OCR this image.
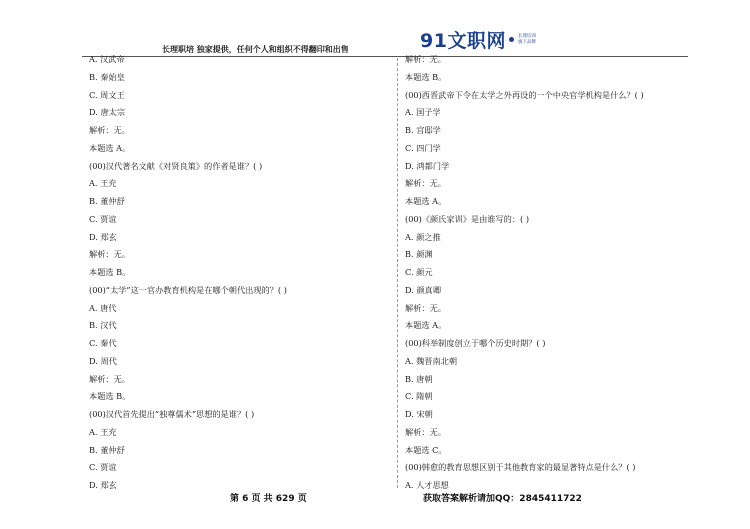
长理职培 独家提供，任何个人和组织不得翻印和出售	91文职网	长理培训
旗下品牌
A. 汉武帝
B. 秦始皇
C. 周文王
D. 唐太宗
解析：无。
本题选 A。
(00)汉代著名文献《对贤良策》的作者是谁？( )
A. 王充
B. 董仲舒
C. 贾谊
D. 郑玄
解析：无。
本题选 B。
(00)“太学”这一官办教育机构是在哪个朝代出现的？( )
A. 唐代
B. 汉代
C. 秦代
D. 周代
解析：无。
本题选 B。
(00)汉代首先提出“独尊儒术”思想的是谁？( )
A. 王充
B. 董仲舒
C. 贾谊
D. 郑玄
解析：无。
本题选 B。
(00)西晋武帝下令在太学之外再设的一个中央官学机构是什么？( )
A. 国子学
B. 宫邸学
C. 四门学
D. 鸿都门学
解析：无。
本题选 A。
(00)《颜氏家训》是由谁写的：( )
A. 颜之推
B. 颜渊
C. 颜元
D. 颜真卿
解析：无。
本题选 A。
(00)科举制度创立于哪个历史时期？( )
A. 魏晋南北朝
B. 唐朝
C. 隋朝
D. 宋朝
解析：无。
本题选 C。
(00)韩愈的教育思想区别于其他教育家的最显著特点是什么？( )
A. 人才思想
第 6 页 共 629 页	获取答案解析请加QQ：2845411722
